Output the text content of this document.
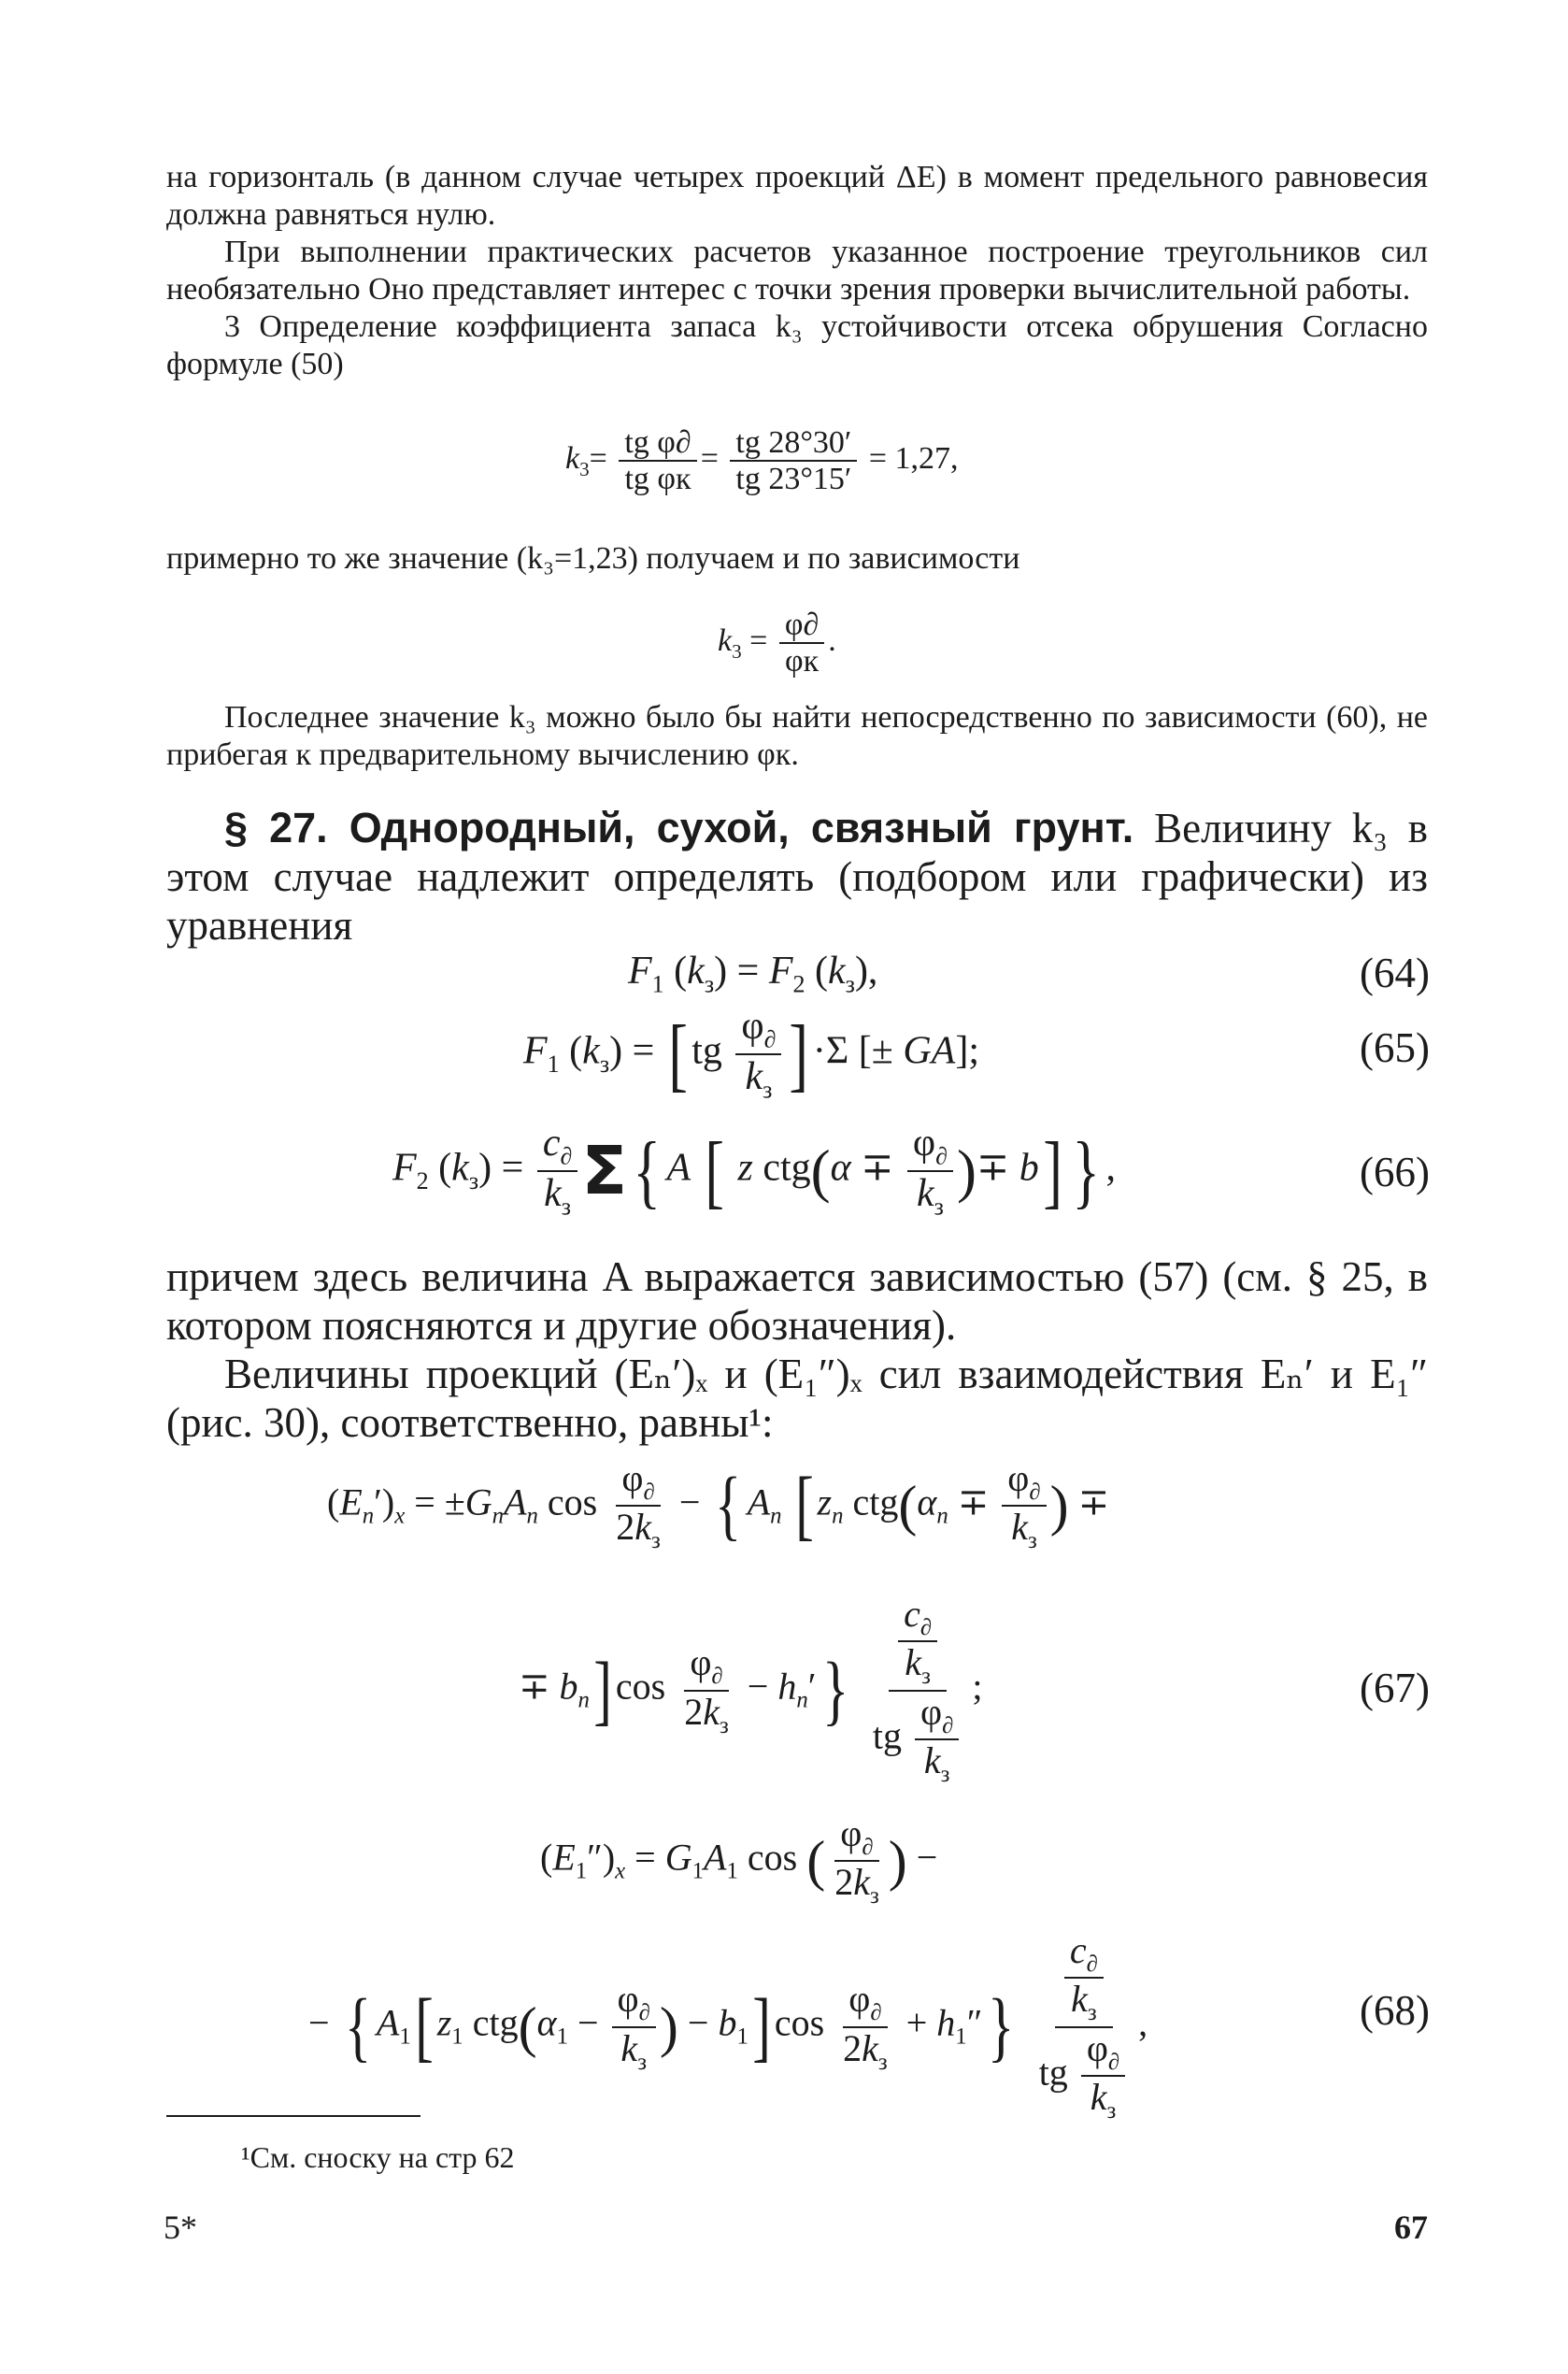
на горизонталь (в данном случае четырех проекций ΔE) в момент предельного равновесия должна равняться нулю.

При выполнении практических расчетов указанное построение треугольников сил необязательно Оно представляет интерес с точки зрения проверки вычислительной работы.

3 Определение коэффициента запаса k₃ устойчивости отсека обрушения Согласно формуле (50)

$k_3= \frac{\text{tg φ∂}}{\text{tg φк}} = \frac{tg 28^\circ 30'}{tg 23^\circ 15'} = 1,27$,

примерно то же значение (k₃=1,23) получаем и по зависимости

$k_3 = \frac{\varphi\partial}{\varphi к}$ .

Последнее значение k₃ можно было бы найти непосредственно по зависимости (60), не прибегая к предварительному вычислению φк.

§ 27. Однородный, сухой, связный грунт. Величину k₃ в этом случае надлежит определять (подбором или графически) из уравнения

$F_1$ $(k_з) = F_2$ $(k_з)$,	(64)
$F_1$ $(k_з)$ = [ tg $\frac{\varphi_\partial}{k_з}$ ] ·Σ [± GA];	(65)
$F_2$ $(k_з) = \frac{c_\partial}{k_з} \Sigma${ A [ z $ctg(\alpha \mp \frac{\varphi_\partial}{k_з}$ )∓ b] } ,	(66)

причем здесь величина A выражается зависимостью (57) (см. § 25, в котором поясняются и другие обозначения).

Величины проекций (Eₙ′)ₓ и (E₁″)ₓ сил взаимодействия Eₙ′ и E₁″ (рис. 30), соответственно, равны¹:

$(E_n')_x = \pm G_nA_n$ $\cos \frac{\varphi_\partial}{2k_з}$ − { $A_n$ [ $z_n$ $ctg(\alpha_n \mp \frac{\varphi_\partial}{k_з}$ ) ∓
∓ $b_n$] $\cos \frac{\varphi_\partial}{2k_з} - h_n'\} \frac{\frac{c_\partial}{k_з}}{tg \frac{\varphi_\partial}{k_з}}$ ;	(67)
$(E_1'')_x = G_1A_1$ cos ( $\frac{\varphi_\partial}{2k_з}$ ) −
− { $A_1$[ $z_1$ $ctg(\alpha_1 - \frac{\varphi_\partial}{k_з}$ ) − $b_1$] $\cos \frac{\varphi_\partial}{2k_з} + h_1''\} \frac{\frac{c_\partial}{k_з}}{tg \frac{\varphi_\partial}{k_з}}$ ,	(68)
¹См. сноску на стр 62
5*	67
